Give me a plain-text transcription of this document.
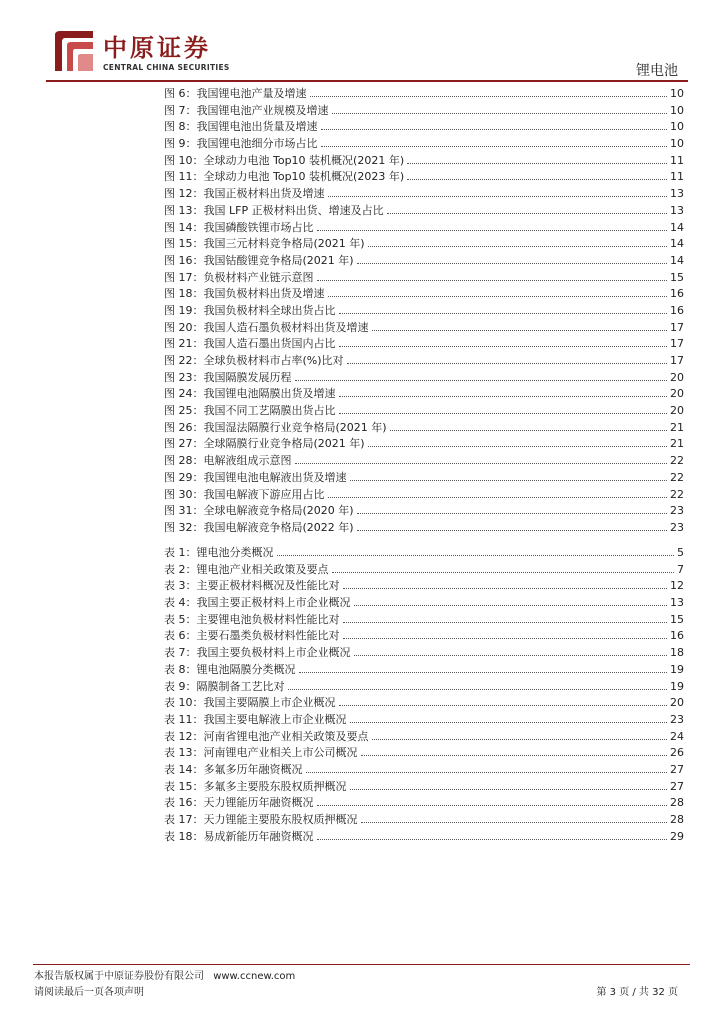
中原证券
CENTRAL CHINA SECURITIES	锂电池
图 6：我国锂电池产量及增速	10
图 7：我国锂电池产业规模及增速	10
图 8：我国锂电池出货量及增速	10
图 9：我国锂电池细分市场占比	10
图 10：全球动力电池 Top10 装机概况(2021 年)	11
图 11：全球动力电池 Top10 装机概况(2023 年)	11
图 12：我国正极材料出货及增速	13
图 13：我国 LFP 正极材料出货、增速及占比	13
图 14：我国磷酸铁锂市场占比	14
图 15：我国三元材料竞争格局(2021 年)	14
图 16：我国钴酸锂竞争格局(2021 年)	14
图 17：负极材料产业链示意图	15
图 18：我国负极材料出货及增速	16
图 19：我国负极材料全球出货占比	16
图 20：我国人造石墨负极材料出货及增速	17
图 21：我国人造石墨出货国内占比	17
图 22：全球负极材料市占率(%)比对	17
图 23：我国隔膜发展历程	20
图 24：我国锂电池隔膜出货及增速	20
图 25：我国不同工艺隔膜出货占比	20
图 26：我国湿法隔膜行业竞争格局(2021 年)	21
图 27：全球隔膜行业竞争格局(2021 年)	21
图 28：电解液组成示意图	22
图 29：我国锂电池电解液出货及增速	22
图 30：我国电解液下游应用占比	22
图 31：全球电解液竞争格局(2020 年)	23
图 32：我国电解液竞争格局(2022 年)	23
表 1：锂电池分类概况	5
表 2：锂电池产业相关政策及要点	7
表 3：主要正极材料概况及性能比对	12
表 4：我国主要正极材料上市企业概况	13
表 5：主要锂电池负极材料性能比对	15
表 6：主要石墨类负极材料性能比对	16
表 7：我国主要负极材料上市企业概况	18
表 8：锂电池隔膜分类概况	19
表 9：隔膜制备工艺比对	19
表 10：我国主要隔膜上市企业概况	20
表 11：我国主要电解液上市企业概况	23
表 12：河南省锂电池产业相关政策及要点	24
表 13：河南锂电产业相关上市公司概况	26
表 14：多氟多历年融资概况	27
表 15：多氟多主要股东股权质押概况	27
表 16：天力锂能历年融资概况	28
表 17：天力锂能主要股东股权质押概况	28
表 18：易成新能历年融资概况	29
本报告版权属于中原证券股份有限公司 www.ccnew.com
请阅读最后一页各项声明	第 3 页 / 共 32 页
